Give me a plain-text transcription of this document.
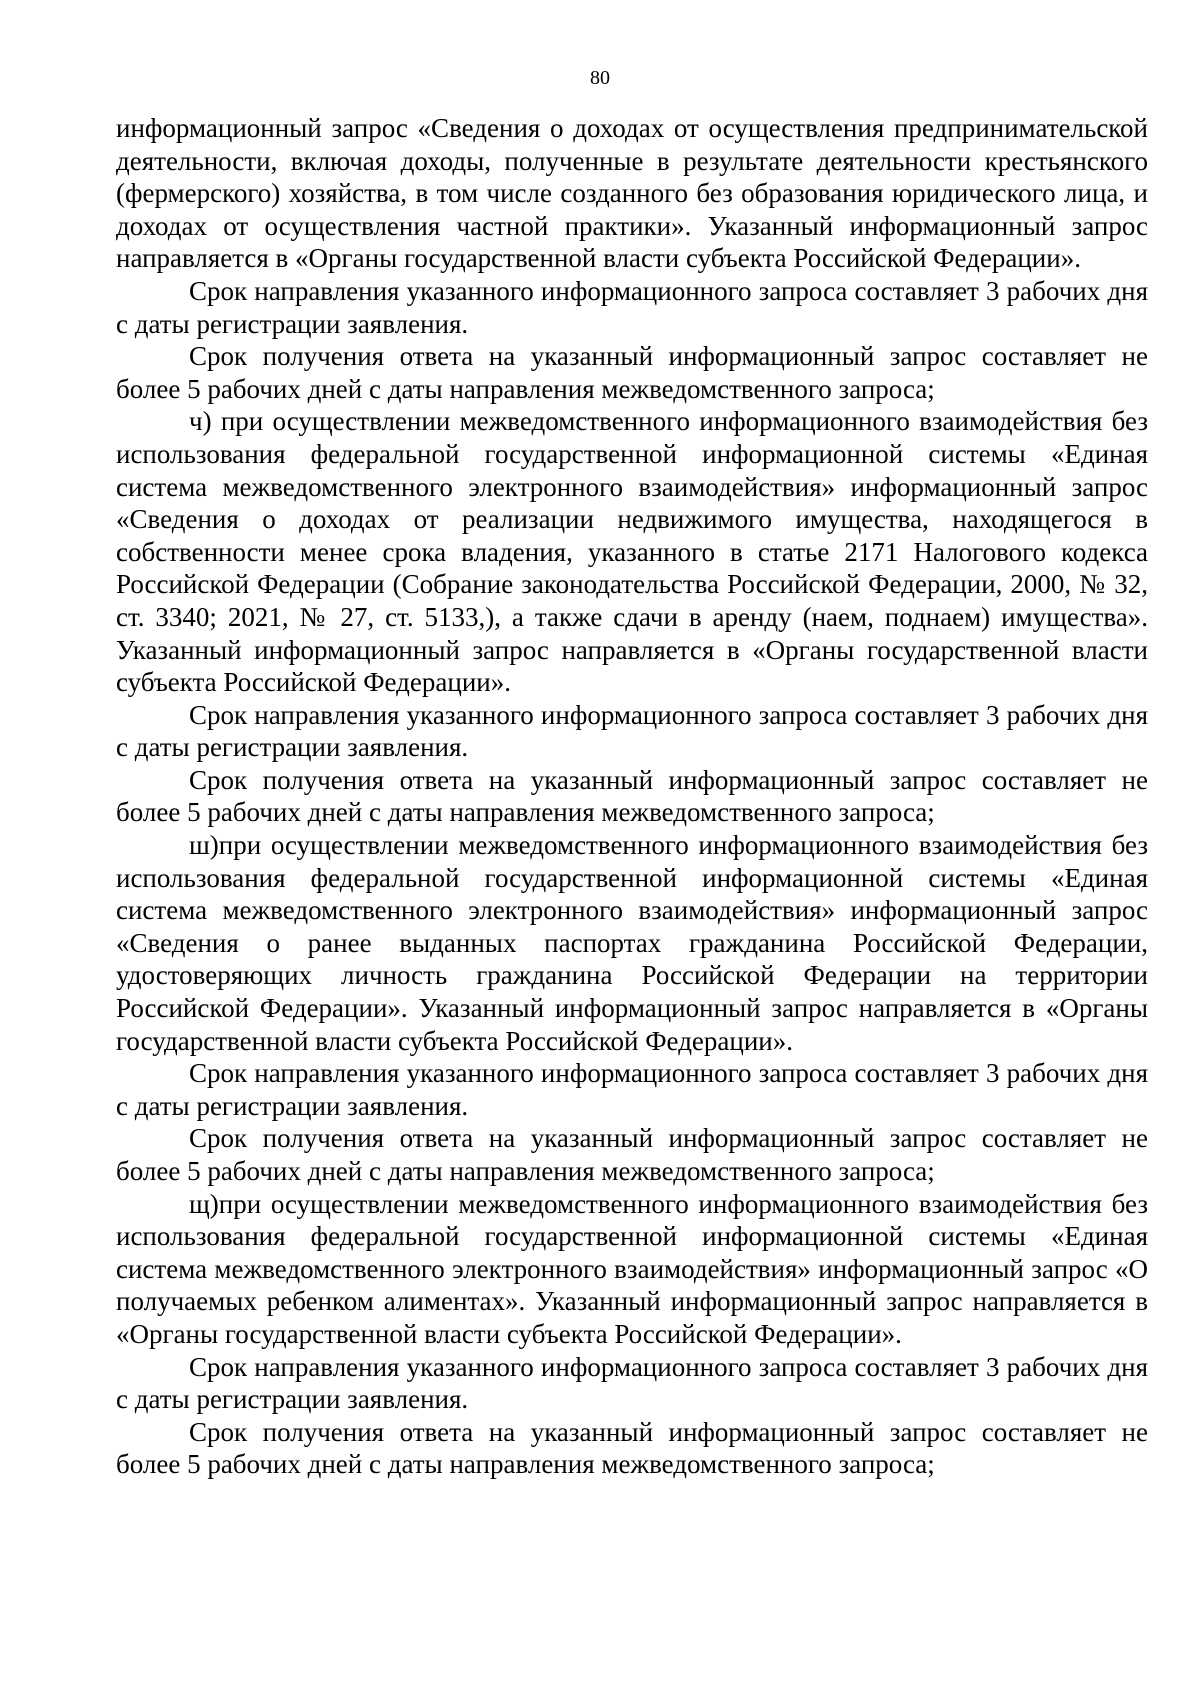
80

информационный запрос «Сведения о доходах от осуществления предпринимательской деятельности, включая доходы, полученные в результате деятельности крестьянского (фермерского) хозяйства, в том числе созданного без образования юридического лица, и доходах от осуществления частной практики». Указанный информационный запрос направляется в «Органы государственной власти субъекта Российской Федерации».

Срок направления указанного информационного запроса составляет 3 рабочих дня с даты регистрации заявления.

Срок получения ответа на указанный информационный запрос составляет не более 5 рабочих дней с даты направления межведомственного запроса;

ч) при осуществлении межведомственного информационного взаимодействия без использования федеральной государственной информационной системы «Единая система межведомственного электронного взаимодействия» информационный запрос «Сведения о доходах от реализации недвижимого имущества, находящегося в собственности менее срока владения, указанного в статье 2171 Налогового кодекса Российской Федерации (Собрание законодательства Российской Федерации, 2000, № 32, ст. 3340; 2021, № 27, ст. 5133,), а также сдачи в аренду (наем, поднаем) имущества». Указанный информационный запрос направляется в «Органы государственной власти субъекта Российской Федерации».

Срок направления указанного информационного запроса составляет 3 рабочих дня с даты регистрации заявления.

Срок получения ответа на указанный информационный запрос составляет не более 5 рабочих дней с даты направления межведомственного запроса;

ш)при осуществлении межведомственного информационного взаимодействия без использования федеральной государственной информационной системы «Единая система межведомственного электронного взаимодействия» информационный запрос «Сведения о ранее выданных паспортах гражданина Российской Федерации, удостоверяющих личность гражданина Российской Федерации на территории Российской Федерации». Указанный информационный запрос направляется в «Органы государственной власти субъекта Российской Федерации».

Срок направления указанного информационного запроса составляет 3 рабочих дня с даты регистрации заявления.

Срок получения ответа на указанный информационный запрос составляет не более 5 рабочих дней с даты направления межведомственного запроса;

щ)при осуществлении межведомственного информационного взаимодействия без использования федеральной государственной информационной системы «Единая система межведомственного электронного взаимодействия» информационный запрос «О получаемых ребенком алиментах». Указанный информационный запрос направляется в «Органы государственной власти субъекта Российской Федерации».

Срок направления указанного информационного запроса составляет 3 рабочих дня с даты регистрации заявления.

Срок получения ответа на указанный информационный запрос составляет не более 5 рабочих дней с даты направления межведомственного запроса;
